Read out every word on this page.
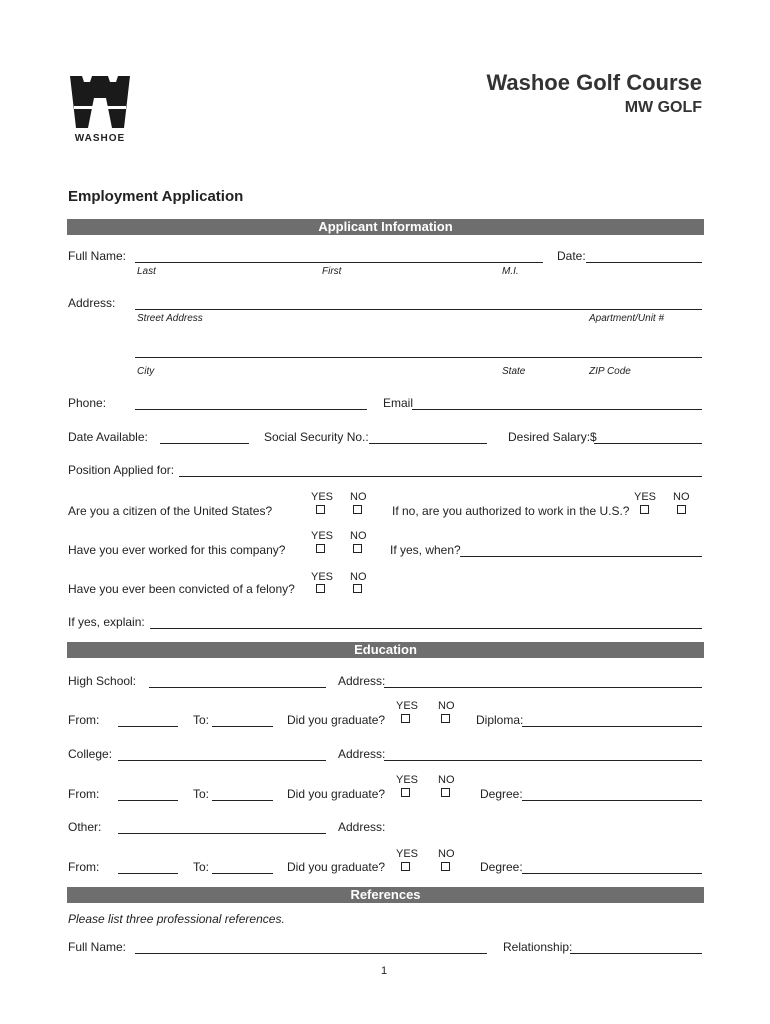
WASHOE
Washoe Golf Course
MW GOLF
Employment Application
Applicant Information
Full Name:	Date:
Last	First	M.I.
Address:
Street Address	Apartment/Unit #
City	State	ZIP Code
Phone:	Email
Date Available:	Social Security No.:	Desired Salary:$
Position Applied for:
YES NO
Are you a citizen of the United States?
YES NO
If no, are you authorized to work in the U.S.?
YES NO
Have you ever worked for this company?	If yes, when?
YES NO
Have you ever been convicted of a felony?
If yes, explain:
Education
High School:	Address:
YES NO
From:	To:	Did you graduate?	Diploma:
College:	Address:
YES NO
From:	To:	Did you graduate?	Degree:
Other:	Address:
YES NO
From:	To:	Did you graduate?	Degree:
References
Please list three professional references.
Full Name:	Relationship:
1
